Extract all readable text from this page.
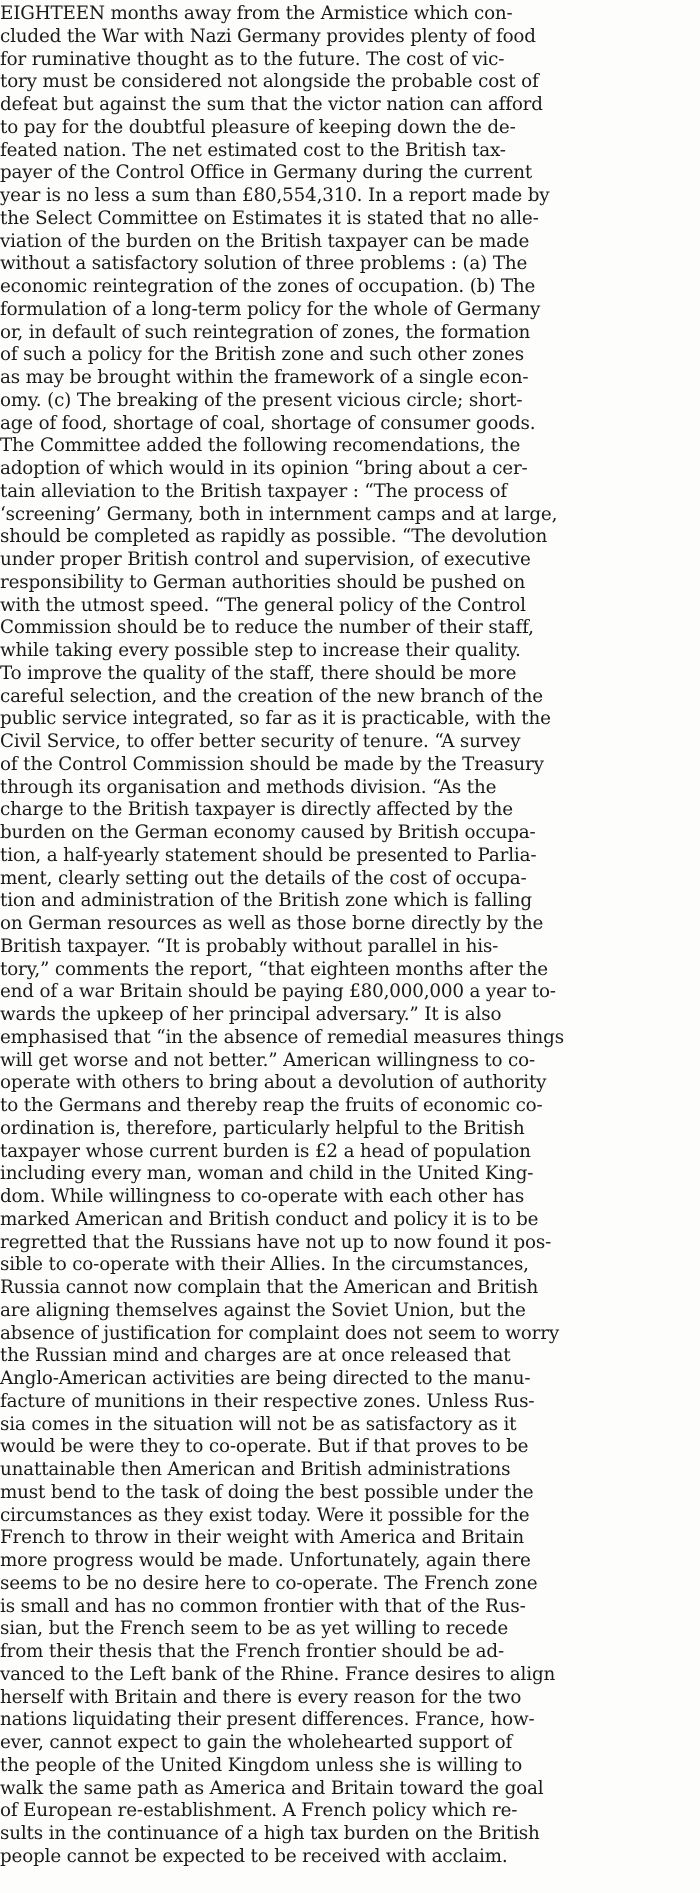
EIGHTEEN months away from the Armistice which con-
cluded the War with Nazi Germany provides plenty of food
for ruminative thought as to the future. The cost of vic-
tory must be considered not alongside the probable cost of
defeat but against the sum that the victor nation can afford
to pay for the doubtful pleasure of keeping down the de-
feated nation. The net estimated cost to the British tax-
payer of the Control Office in Germany during the current
year is no less a sum than £80,554,310. In a report made by
the Select Committee on Estimates it is stated that no alle-
viation of the burden on the British taxpayer can be made
without a satisfactory solution of three problems : (a) The
economic reintegration of the zones of occupation. (b) The
formulation of a long-term policy for the whole of Germany
or, in default of such reintegration of zones, the formation
of such a policy for the British zone and such other zones
as may be brought within the framework of a single econ-
omy. (c) The breaking of the present vicious circle; short-
age of food, shortage of coal, shortage of consumer goods.
The Committee added the following recomendations, the
adoption of which would in its opinion “bring about a cer-
tain alleviation to the British taxpayer : “The process of
‘screening’ Germany, both in internment camps and at large,
should be completed as rapidly as possible. “The devolution
under proper British control and supervision, of executive
responsibility to German authorities should be pushed on
with the utmost speed. “The general policy of the Control
Commission should be to reduce the number of their staff,
while taking every possible step to increase their quality.
To improve the quality of the staff, there should be more
careful selection, and the creation of the new branch of the
public service integrated, so far as it is practicable, with the
Civil Service, to offer better security of tenure. “A survey
of the Control Commission should be made by the Treasury
through its organisation and methods division. “As the
charge to the British taxpayer is directly affected by the
burden on the German economy caused by British occupa-
tion, a half-yearly statement should be presented to Parlia-
ment, clearly setting out the details of the cost of occupa-
tion and administration of the British zone which is falling
on German resources as well as those borne directly by the
British taxpayer. “It is probably without parallel in his-
tory,” comments the report, “that eighteen months after the
end of a war Britain should be paying £80,000,000 a year to-
wards the upkeep of her principal adversary.” It is also
emphasised that “in the absence of remedial measures things
will get worse and not better.” American willingness to co-
operate with others to bring about a devolution of authority
to the Germans and thereby reap the fruits of economic co-
ordination is, therefore, particularly helpful to the British
taxpayer whose current burden is £2 a head of population
including every man, woman and child in the United King-
dom. While willingness to co-operate with each other has
marked American and British conduct and policy it is to be
regretted that the Russians have not up to now found it pos-
sible to co-operate with their Allies. In the circumstances,
Russia cannot now complain that the American and British
are aligning themselves against the Soviet Union, but the
absence of justification for complaint does not seem to worry
the Russian mind and charges are at once released that
Anglo-American activities are being directed to the manu-
facture of munitions in their respective zones. Unless Rus-
sia comes in the situation will not be as satisfactory as it
would be were they to co-operate. But if that proves to be
unattainable then American and British administrations
must bend to the task of doing the best possible under the
circumstances as they exist today. Were it possible for the
French to throw in their weight with America and Britain
more progress would be made. Unfortunately, again there
seems to be no desire here to co-operate. The French zone
is small and has no common frontier with that of the Rus-
sian, but the French seem to be as yet willing to recede
from their thesis that the French frontier should be ad-
vanced to the Left bank of the Rhine. France desires to align
herself with Britain and there is every reason for the two
nations liquidating their present differences. France, how-
ever, cannot expect to gain the wholehearted support of
the people of the United Kingdom unless she is willing to
walk the same path as America and Britain toward the goal
of European re-establishment. A French policy which re-
sults in the continuance of a high tax burden on the British
people cannot be expected to be received with acclaim.
